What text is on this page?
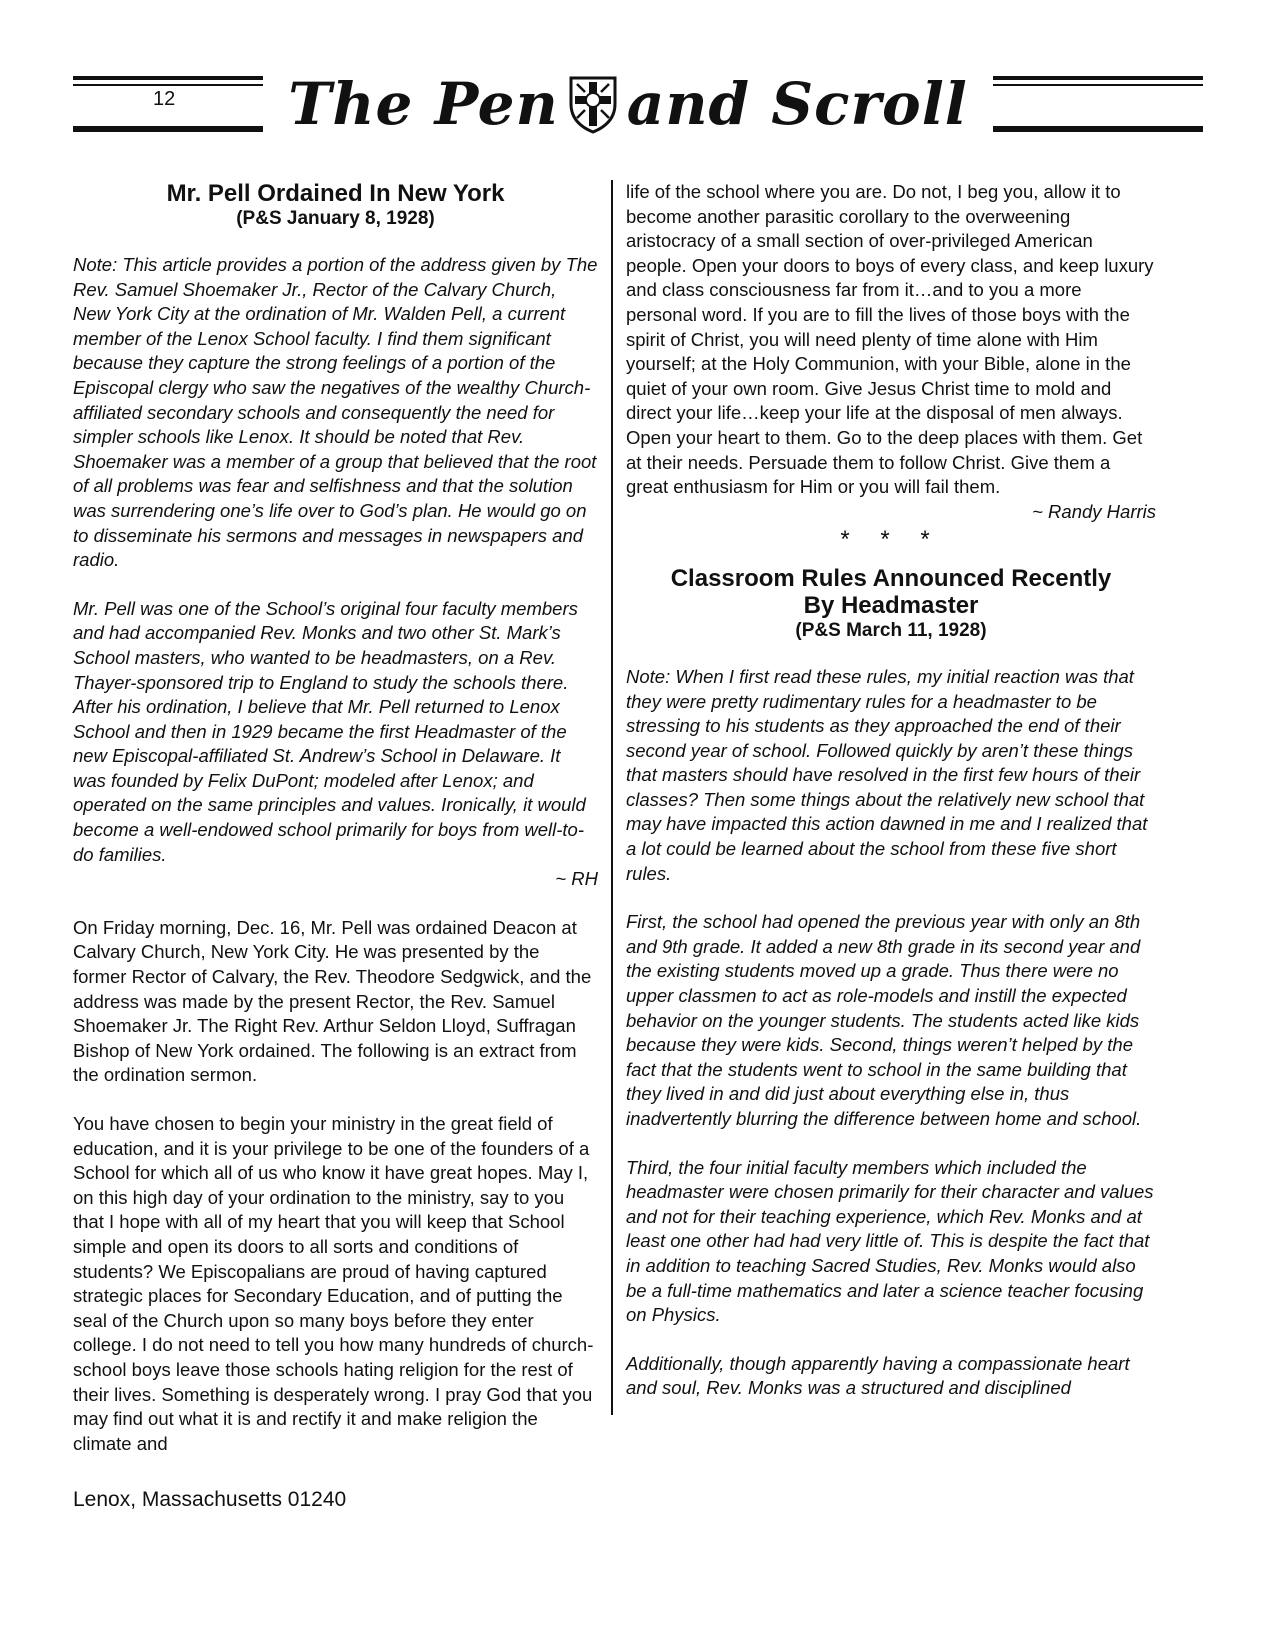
12 The Pen and Scroll
Mr. Pell Ordained In New York
(P&S January 8, 1928)

Note: This article provides a portion of the address given by The Rev. Samuel Shoemaker Jr., Rector of the Calvary Church, New York City at the ordination of Mr. Walden Pell, a current member of the Lenox School faculty. I find them significant because they capture the strong feelings of a portion of the Episcopal clergy who saw the negatives of the wealthy Church-affiliated secondary schools and consequently the need for simpler schools like Lenox. It should be noted that Rev. Shoemaker was a member of a group that believed that the root of all problems was fear and selfishness and that the solution was surrendering one’s life over to God’s plan. He would go on to disseminate his sermons and messages in newspapers and radio.

Mr. Pell was one of the School’s original four faculty members and had accompanied Rev. Monks and two other St. Mark’s School masters, who wanted to be headmasters, on a Rev. Thayer-sponsored trip to England to study the schools there. After his ordination, I believe that Mr. Pell returned to Lenox School and then in 1929 became the first Headmaster of the new Episcopal-affiliated St. Andrew’s School in Delaware. It was founded by Felix DuPont; modeled after Lenox; and operated on the same principles and values. Ironically, it would become a well-endowed school primarily for boys from well-to-do families.

~ RH

On Friday morning, Dec. 16, Mr. Pell was ordained Deacon at Calvary Church, New York City. He was presented by the former Rector of Calvary, the Rev. Theodore Sedgwick, and the address was made by the present Rector, the Rev. Samuel Shoemaker Jr. The Right Rev. Arthur Seldon Lloyd, Suffragan Bishop of New York ordained. The following is an extract from the ordination sermon.

You have chosen to begin your ministry in the great field of education, and it is your privilege to be one of the founders of a School for which all of us who know it have great hopes. May I, on this high day of your ordination to the ministry, say to you that I hope with all of my heart that you will keep that School simple and open its doors to all sorts and conditions of students? We Episcopalians are proud of having captured strategic places for Secondary Education, and of putting the seal of the Church upon so many boys before they enter college. I do not need to tell you how many hundreds of church-school boys leave those schools hating religion for the rest of their lives. Something is desperately wrong. I pray God that you may find out what it is and rectify it and make religion the climate and

life of the school where you are. Do not, I beg you, allow it to become another parasitic corollary to the overweening aristocracy of a small section of over-privileged American people. Open your doors to boys of every class, and keep luxury and class consciousness far from it…and to you a more personal word. If you are to fill the lives of those boys with the spirit of Christ, you will need plenty of time alone with Him yourself; at the Holy Communion, with your Bible, alone in the quiet of your own room. Give Jesus Christ time to mold and direct your life…keep your life at the disposal of men always. Open your heart to them. Go to the deep places with them. Get at their needs. Persuade them to follow Christ. Give them a great enthusiasm for Him or you will fail them.

~ Randy Harris

* * *
Classroom Rules Announced Recently
By Headmaster
(P&S March 11, 1928)

Note: When I first read these rules, my initial reaction was that they were pretty rudimentary rules for a headmaster to be stressing to his students as they approached the end of their second year of school. Followed quickly by aren’t these things that masters should have resolved in the first few hours of their classes? Then some things about the relatively new school that may have impacted this action dawned in me and I realized that a lot could be learned about the school from these five short rules.

First, the school had opened the previous year with only an 8th and 9th grade. It added a new 8th grade in its second year and the existing students moved up a grade. Thus there were no upper classmen to act as role-models and instill the expected behavior on the younger students. The students acted like kids because they were kids. Second, things weren’t helped by the fact that the students went to school in the same building that they lived in and did just about everything else in, thus inadvertently blurring the difference between home and school.

Third, the four initial faculty members which included the headmaster were chosen primarily for their character and values and not for their teaching experience, which Rev. Monks and at least one other had had very little of. This is despite the fact that in addition to teaching Sacred Studies, Rev. Monks would also be a full-time mathematics and later a science teacher focusing on Physics.

Additionally, though apparently having a compassionate heart and soul, Rev. Monks was a structured and disciplined

Lenox, Massachusetts 01240
